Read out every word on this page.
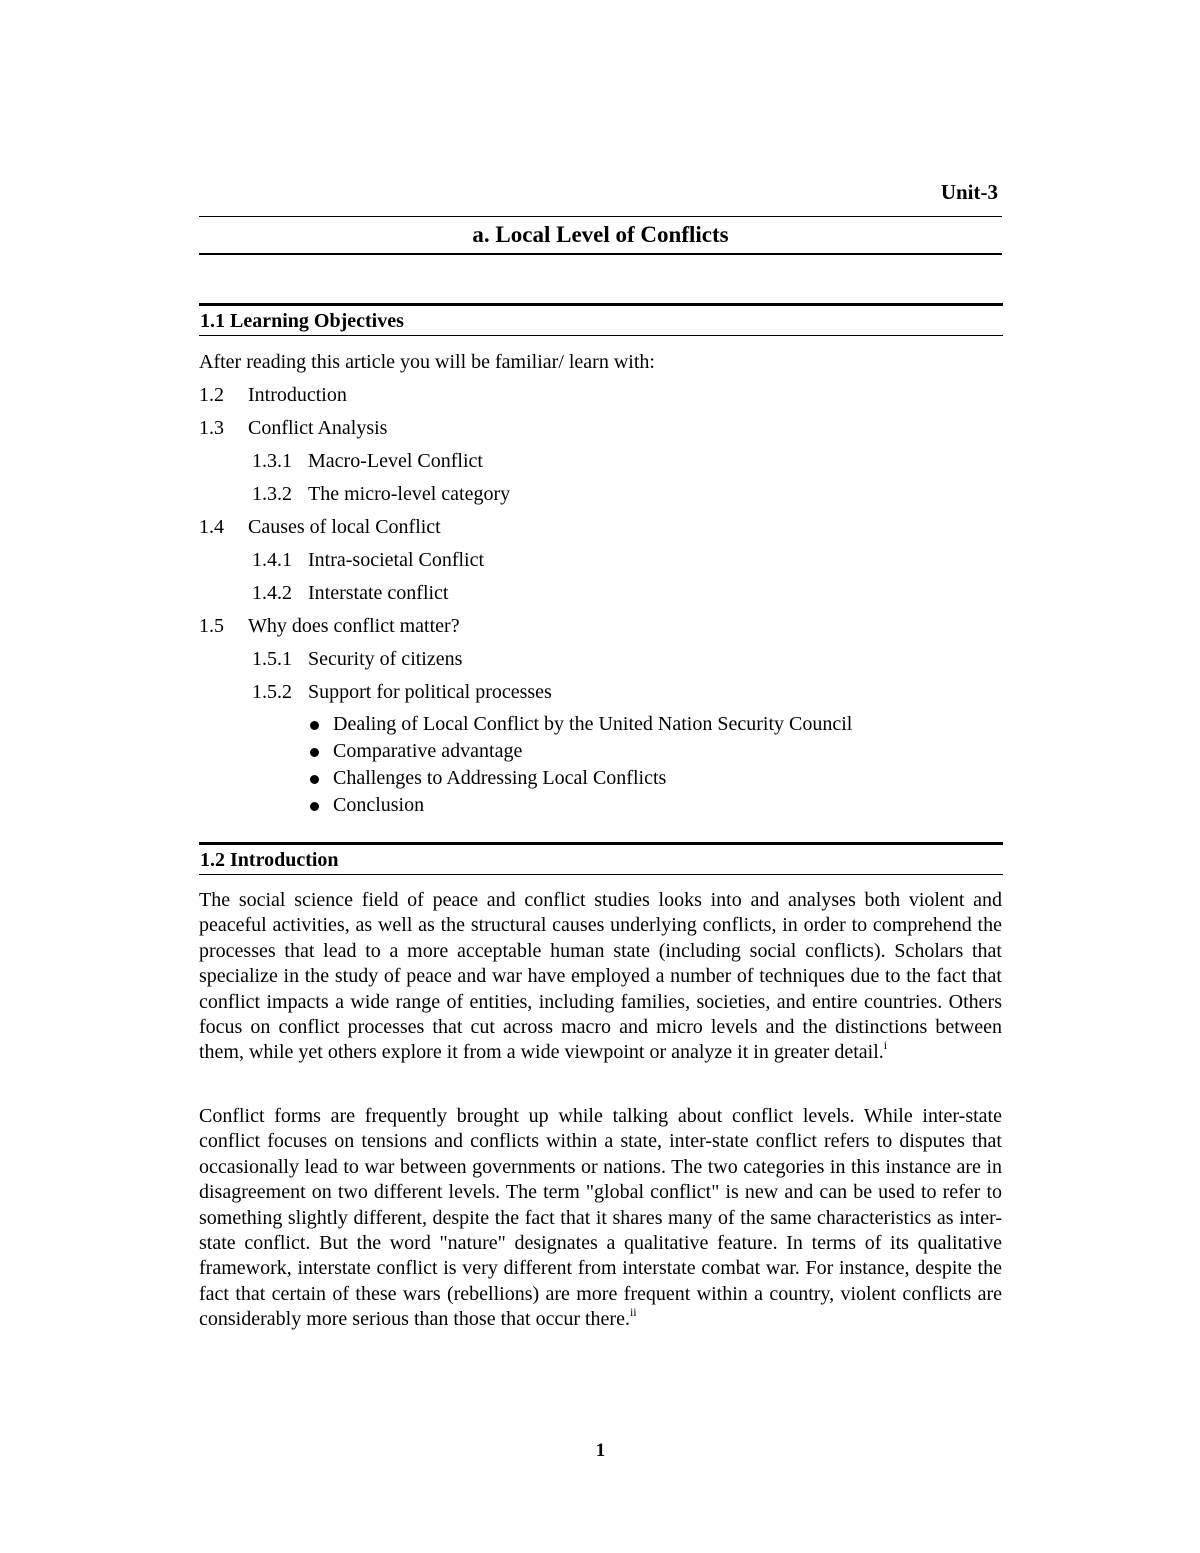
Unit-3
a. Local Level of Conflicts
1.1 Learning Objectives
After reading this article you will be familiar/ learn with:
1.2 Introduction
1.3 Conflict Analysis
1.3.1 Macro-Level Conflict
1.3.2 The micro-level category
1.4 Causes of local Conflict
1.4.1 Intra-societal Conflict
1.4.2 Interstate conflict
1.5 Why does conflict matter?
1.5.1 Security of citizens
1.5.2 Support for political processes
Dealing of Local Conflict by the United Nation Security Council
Comparative advantage
Challenges to Addressing Local Conflicts
Conclusion
1.2 Introduction

The social science field of peace and conflict studies looks into and analyses both violent and peaceful activities, as well as the structural causes underlying conflicts, in order to comprehend the processes that lead to a more acceptable human state (including social conflicts). Scholars that specialize in the study of peace and war have employed a number of techniques due to the fact that conflict impacts a wide range of entities, including families, societies, and entire countries. Others focus on conflict processes that cut across macro and micro levels and the distinctions between them, while yet others explore it from a wide viewpoint or analyze it in greater detail.$^i$

Conflict forms are frequently brought up while talking about conflict levels. While inter-state conflict focuses on tensions and conflicts within a state, inter-state conflict refers to disputes that occasionally lead to war between governments or nations. The two categories in this instance are in disagreement on two different levels. The term "global conflict" is new and can be used to refer to something slightly different, despite the fact that it shares many of the same characteristics as inter-state conflict. But the word "nature" designates a qualitative feature. In terms of its qualitative framework, interstate conflict is very different from interstate combat war. For instance, despite the fact that certain of these wars (rebellions) are more frequent within a country, violent conflicts are considerably more serious than those that occur there.$^{ii}$

1
